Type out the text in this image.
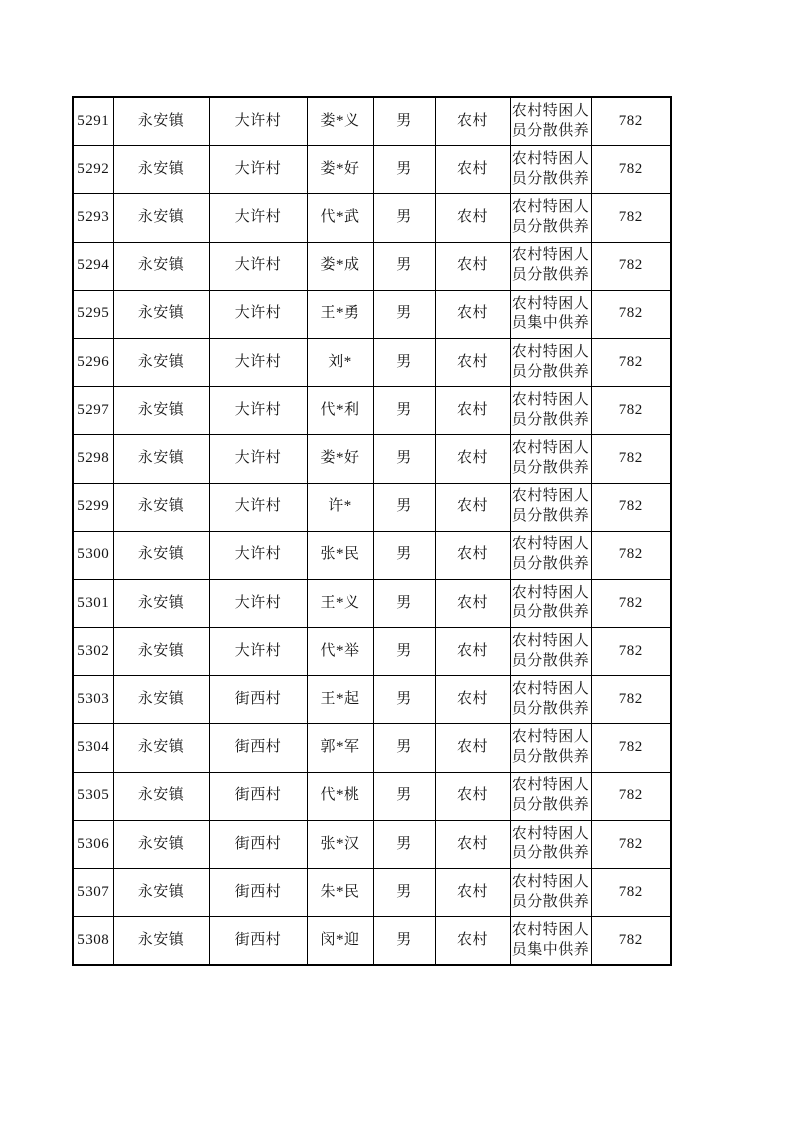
5291	永安镇	大许村	娄*义	男	农村	农村特困人员分散供养	782
5292	永安镇	大许村	娄*好	男	农村	农村特困人员分散供养	782
5293	永安镇	大许村	代*武	男	农村	农村特困人员分散供养	782
5294	永安镇	大许村	娄*成	男	农村	农村特困人员分散供养	782
5295	永安镇	大许村	王*勇	男	农村	农村特困人员集中供养	782
5296	永安镇	大许村	刘*	男	农村	农村特困人员分散供养	782
5297	永安镇	大许村	代*利	男	农村	农村特困人员分散供养	782
5298	永安镇	大许村	娄*好	男	农村	农村特困人员分散供养	782
5299	永安镇	大许村	许*	男	农村	农村特困人员分散供养	782
5300	永安镇	大许村	张*民	男	农村	农村特困人员分散供养	782
5301	永安镇	大许村	王*义	男	农村	农村特困人员分散供养	782
5302	永安镇	大许村	代*举	男	农村	农村特困人员分散供养	782
5303	永安镇	街西村	王*起	男	农村	农村特困人员分散供养	782
5304	永安镇	街西村	郭*军	男	农村	农村特困人员分散供养	782
5305	永安镇	街西村	代*桃	男	农村	农村特困人员分散供养	782
5306	永安镇	街西村	张*汉	男	农村	农村特困人员分散供养	782
5307	永安镇	街西村	朱*民	男	农村	农村特困人员分散供养	782
5308	永安镇	街西村	闵*迎	男	农村	农村特困人员集中供养	782
